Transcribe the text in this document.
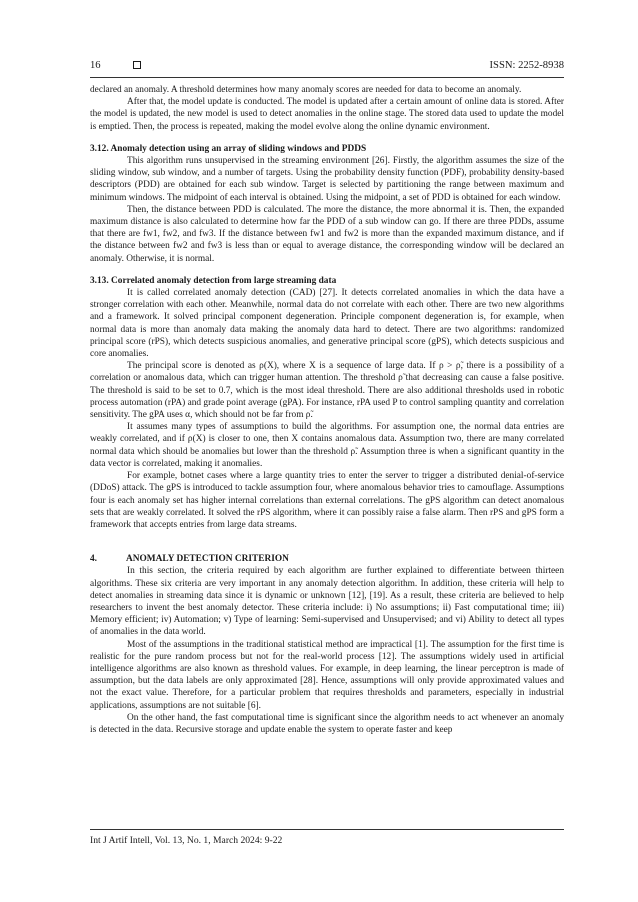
16	ISSN: 2252-8938

declared an anomaly. A threshold determines how many anomaly scores are needed for data to become an anomaly.

After that, the model update is conducted. The model is updated after a certain amount of online data is stored. After the model is updated, the new model is used to detect anomalies in the online stage. The stored data used to update the model is emptied. Then, the process is repeated, making the model evolve along the online dynamic environment.

3.12. Anomaly detection using an array of sliding windows and PDDS

This algorithm runs unsupervised in the streaming environment [26]. Firstly, the algorithm assumes the size of the sliding window, sub window, and a number of targets. Using the probability density function (PDF), probability density-based descriptors (PDD) are obtained for each sub window. Target is selected by partitioning the range between maximum and minimum windows. The midpoint of each interval is obtained. Using the midpoint, a set of PDD is obtained for each window.

Then, the distance between PDD is calculated. The more the distance, the more abnormal it is. Then, the expanded maximum distance is also calculated to determine how far the PDD of a sub window can go. If there are three PDDs, assume that there are fw1, fw2, and fw3. If the distance between fw1 and fw2 is more than the expanded maximum distance, and if the distance between fw2 and fw3 is less than or equal to average distance, the corresponding window will be declared an anomaly. Otherwise, it is normal.

3.13. Correlated anomaly detection from large streaming data

It is called correlated anomaly detection (CAD) [27]. It detects correlated anomalies in which the data have a stronger correlation with each other. Meanwhile, normal data do not correlate with each other. There are two new algorithms and a framework. It solved principal component degeneration. Principle component degeneration is, for example, when normal data is more than anomaly data making the anomaly data hard to detect. There are two algorithms: randomized principal score (rPS), which detects suspicious anomalies, and generative principal score (gPS), which detects suspicious and core anomalies.

The principal score is denoted as ρ(X), where X is a sequence of large data. If ρ > ρ̃, there is a possibility of a correlation or anomalous data, which can trigger human attention. The threshold ρ̃ that decreasing can cause a false positive. The threshold is said to be set to 0.7, which is the most ideal threshold. There are also additional thresholds used in robotic process automation (rPA) and grade point average (gPA). For instance, rPA used P to control sampling quantity and correlation sensitivity. The gPA uses α, which should not be far from ρ̃.

It assumes many types of assumptions to build the algorithms. For assumption one, the normal data entries are weakly correlated, and if ρ(X) is closer to one, then X contains anomalous data. Assumption two, there are many correlated normal data which should be anomalies but lower than the threshold ρ̃. Assumption three is when a significant quantity in the data vector is correlated, making it anomalies.

For example, botnet cases where a large quantity tries to enter the server to trigger a distributed denial-of-service (DDoS) attack. The gPS is introduced to tackle assumption four, where anomalous behavior tries to camouflage. Assumptions four is each anomaly set has higher internal correlations than external correlations. The gPS algorithm can detect anomalous sets that are weakly correlated. It solved the rPS algorithm, where it can possibly raise a false alarm. Then rPS and gPS form a framework that accepts entries from large data streams.

4.	ANOMALY DETECTION CRITERION

In this section, the criteria required by each algorithm are further explained to differentiate between thirteen algorithms. These six criteria are very important in any anomaly detection algorithm. In addition, these criteria will help to detect anomalies in streaming data since it is dynamic or unknown [12], [19]. As a result, these criteria are believed to help researchers to invent the best anomaly detector. These criteria include: i) No assumptions; ii) Fast computational time; iii) Memory efficient; iv) Automation; v) Type of learning: Semi-supervised and Unsupervised; and vi) Ability to detect all types of anomalies in the data world.

Most of the assumptions in the traditional statistical method are impractical [1]. The assumption for the first time is realistic for the pure random process but not for the real-world process [12]. The assumptions widely used in artificial intelligence algorithms are also known as threshold values. For example, in deep learning, the linear perceptron is made of assumption, but the data labels are only approximated [28]. Hence, assumptions will only provide approximated values and not the exact value. Therefore, for a particular problem that requires thresholds and parameters, especially in industrial applications, assumptions are not suitable [6].

On the other hand, the fast computational time is significant since the algorithm needs to act whenever an anomaly is detected in the data. Recursive storage and update enable the system to operate faster and keep

Int J Artif Intell, Vol. 13, No. 1, March 2024: 9-22
